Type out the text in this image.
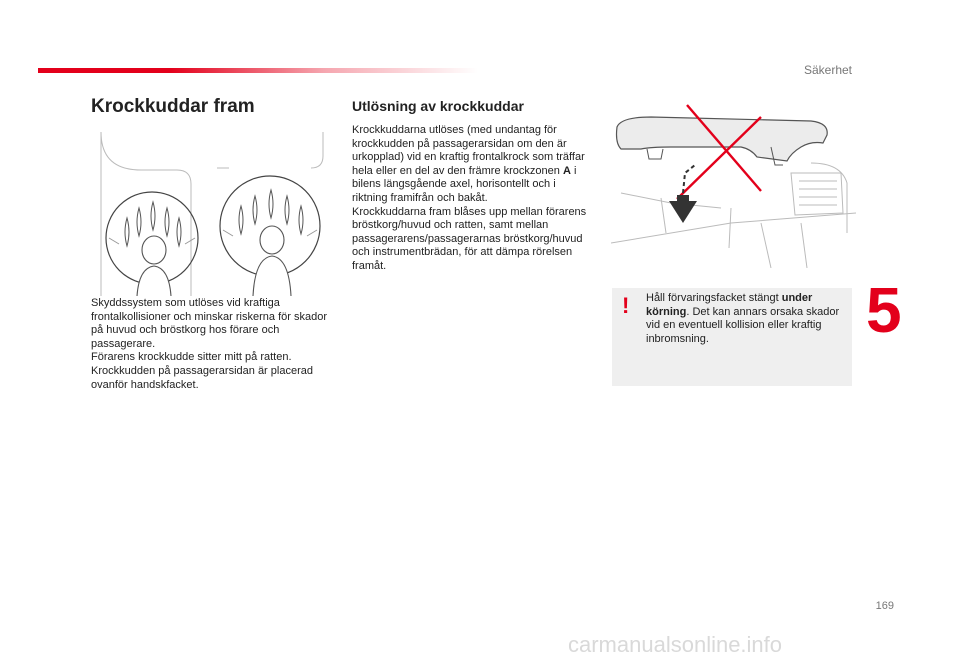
Säkerhet
5
Krockkuddar fram

Skyddssystem som utlöses vid kraftiga frontalkollisioner och minskar riskerna för skador på huvud och bröstkorg hos förare och passagerare.

Förarens krockkudde sitter mitt på ratten.

Krockkudden på passagerarsidan är placerad ovanför handskfacket.

Utlösning av krockkuddar

Krockkuddarna utlöses (med undantag för krockkudden på passagerarsidan om den är urkopplad) vid en kraftig frontalkrock som träffar hela eller en del av den främre krockzonen A i bilens längsgående axel, horisontellt och i riktning framifrån och bakåt.

Krockkuddarna fram blåses upp mellan förarens bröstkorg/huvud och ratten, samt mellan passagerarens/passagerarnas bröstkorg/huvud och instrumentbrädan, för att dämpa rörelsen framåt.

! Håll förvaringsfacket stängt under körning. Det kan annars orsaka skador vid en eventuell kollision eller kraftig inbromsning.
169
carmanualsonline.info
